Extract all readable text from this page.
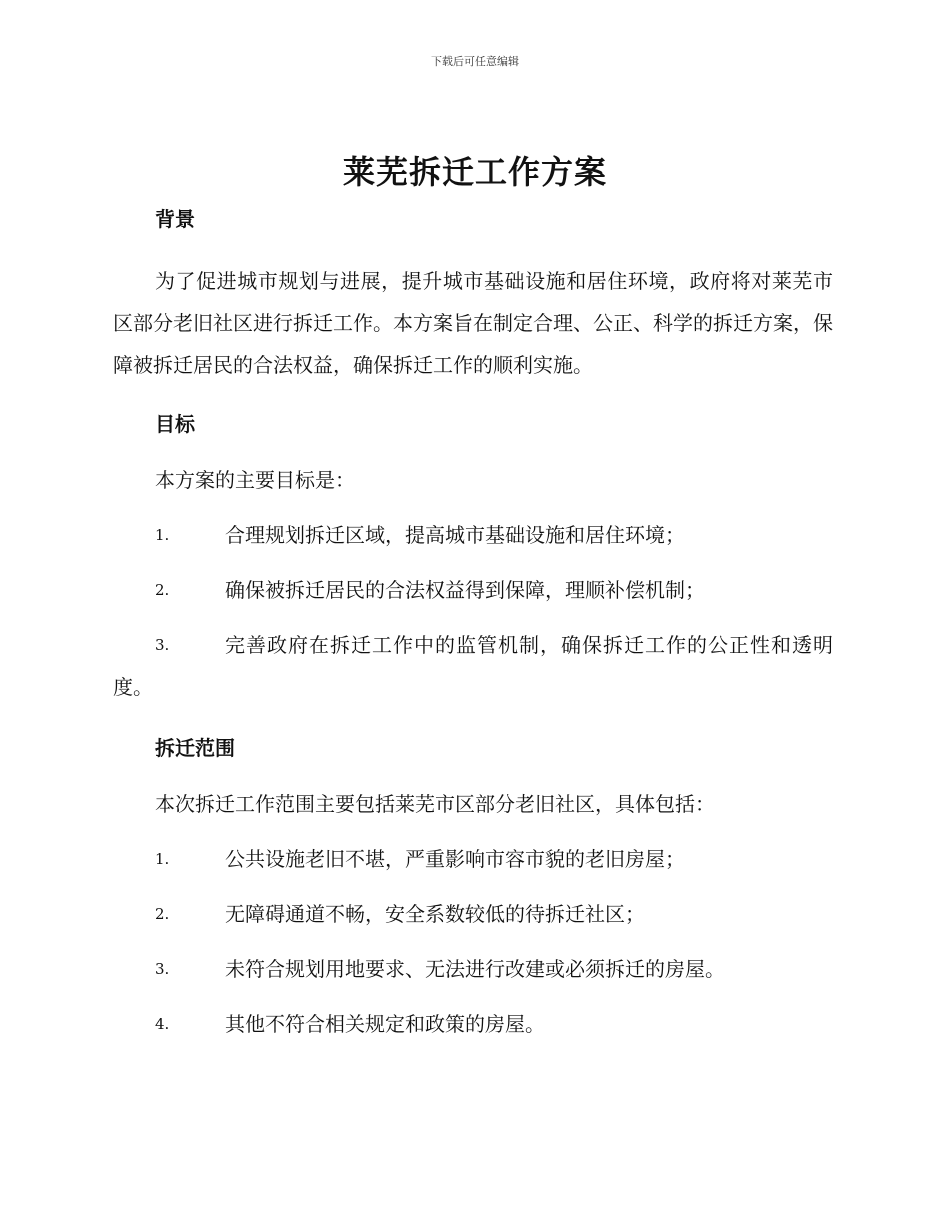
下载后可任意编辑
莱芜拆迁工作方案
背景

为了促进城市规划与进展，提升城市基础设施和居住环境，政府将对莱芜市区部分老旧社区进行拆迁工作。本方案旨在制定合理、公正、科学的拆迁方案，保障被拆迁居民的合法权益，确保拆迁工作的顺利实施。

目标

本方案的主要目标是：

1.	合理规划拆迁区域，提高城市基础设施和居住环境；
2.	确保被拆迁居民的合法权益得到保障，理顺补偿机制；
3.	完善政府在拆迁工作中的监管机制，确保拆迁工作的公正性和透明度。
拆迁范围

本次拆迁工作范围主要包括莱芜市区部分老旧社区，具体包括：

1.	公共设施老旧不堪，严重影响市容市貌的老旧房屋；
2.	无障碍通道不畅，安全系数较低的待拆迁社区；
3.	未符合规划用地要求、无法进行改建或必须拆迁的房屋。
4.	其他不符合相关规定和政策的房屋。
